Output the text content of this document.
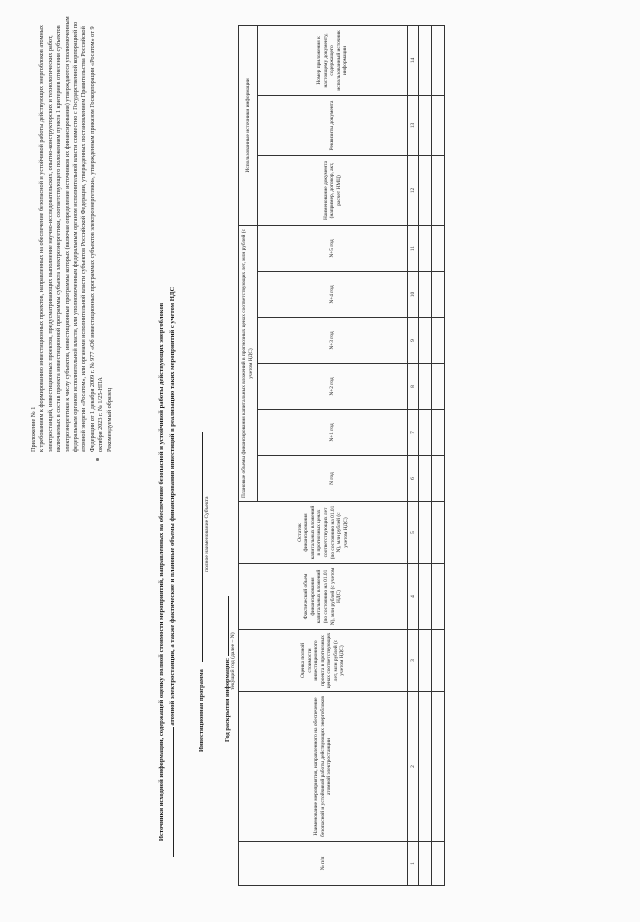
Приложение № 1 к требованиям к формированию инвестиционных проектов, направленных на обеспечение безопасной и устойчивой работы действующих энергоблоков атомных электростанций, инвестиционных проектов, предусматривающих выполнение научно-исследовательских, опытно-конструкторских и технологических работ, включаемых в состав проекта инвестиционной программы субъекта электроэнергетики, соответствующего положениям пункта 1 критериев отнесения субъектов электроэнергетики к числу субъектов, инвестиционные программы которых (включая определение источников их финансирования) утверждаются уполномоченным федеральным органом исполнительной власти, или уполномоченным федеральным органом исполнительной власти совместно с Государственной корпорацией по атомной энергии «Росатом», или органами исполнительной власти субъектов Российской Федерации, утвержденных постановлением Правительства Российской Федерации от 1 декабря 2009 г. № 977 «Об инвестиционных программах субъектов электроэнергетики», утвержденным приказом Госкорпорации «Росатом» от 9 октября 2023 г. № 1/25-НПА Рекомендуемый образец	Источники исходной информации, содержащей оценку полной стоимости мероприятий, направленных на обеспечение безопасной и устойчивой работы действующих энергоблоков атомной электростанции, а также фактические и плановые объемы финансирования инвестиций в реализацию таких мероприятий с учетом НДС	Инвестиционная программа
полное наименование Субъекта
Год раскрытия информации: текущий год (далее – N)
№ п/п	Наименование мероприятия, направленного на обеспечение безопасной и устойчивой работы действующих энергоблоков атомной электростанции	Оценка полной стоимости инвестиционного проекта в прогнозных ценах соответствующих лет, млн рублей (с учетом НДС)	Фактический объем финансирования капитальных вложений (по состоянию на 01.01 N), млн рублей (с учетом НДС)	Остаток финансирования капитальных вложений в прогнозных ценах соответствующих лет (по состоянию на 01.01 N), млн рублей (с учетом НДС)	Плановые объемы финансирования капитальных вложений в прогнозных ценах соответствующих лет, млн рублей (с учетом НДС)						Использованные источники информации		
					N год	N+1 год	N+2 год	N+3 год	N+4 год	N+5 год	Наименование документа (например, договор, акт, расчет НМЦ)	Реквизиты документа	Номер приложения к настоящему документу, содержащего использованный источник информации
1	2	3	4	5	6	7	8	9	10	11	12	13	14
